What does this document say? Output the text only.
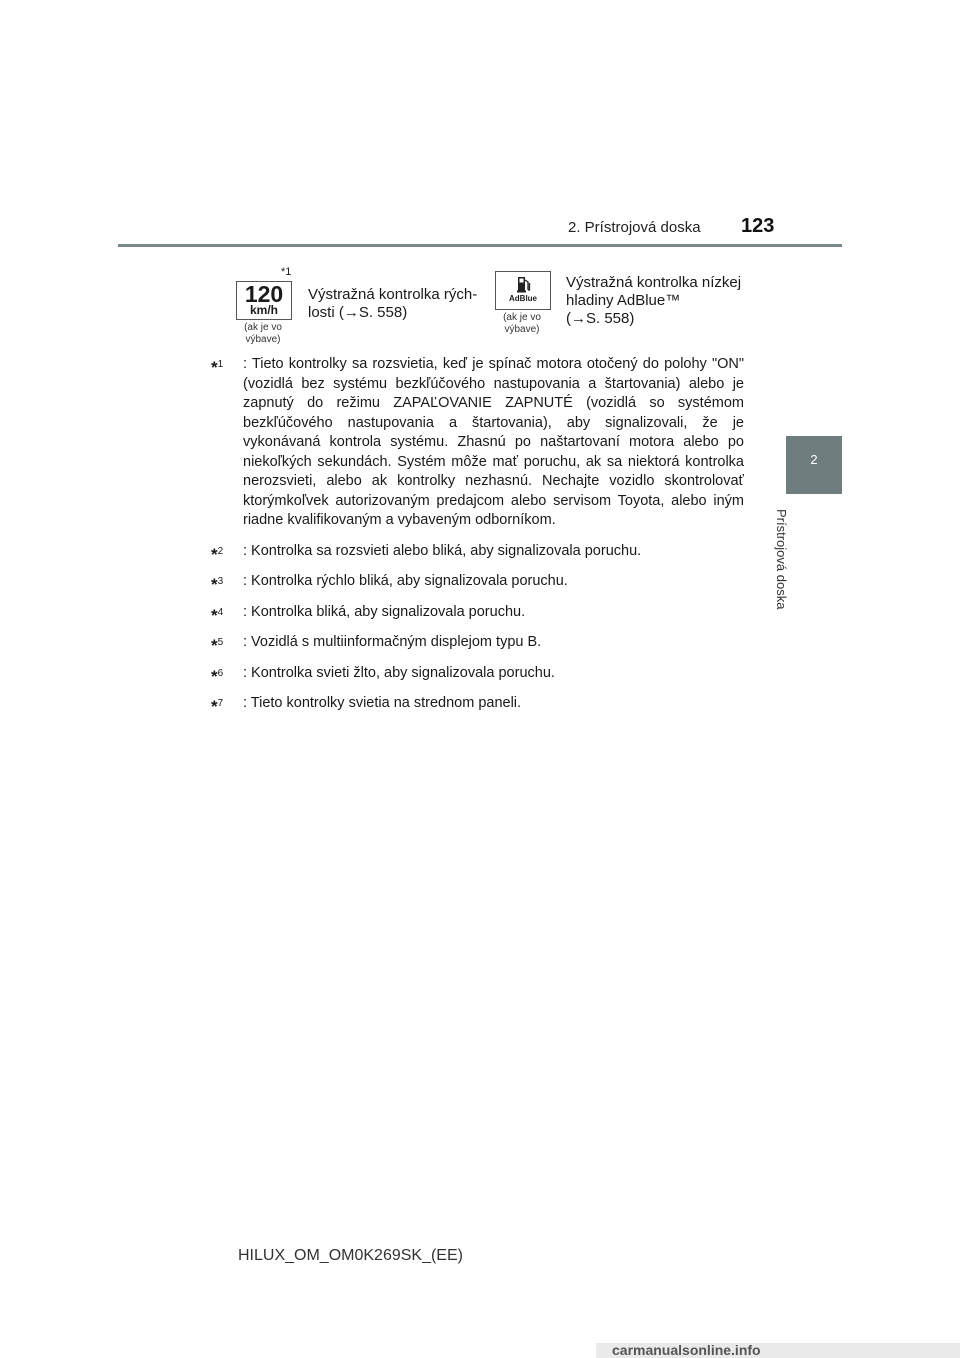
2. Prístrojová doska 123
2
Prístrojová doska
*1
120
km/h
(ak je vo
výbave)
Výstražná kontrolka rých-
losti (→S. 558)
AdBlue
(ak je vo
výbave)
Výstražná kontrolka nízkej
hladiny AdBlue™
(→S. 558)
*$^1$ : Tieto kontrolky sa rozsvietia, keď je spínač motora otočený do polohy "ON" (vozidlá bez systému bezkľúčového nastupovania a štartovania) alebo je zapnutý do režimu ZAPAĽOVANIE ZAPNUTÉ (vozidlá so systémom bezkľúčového nastupovania a štartovania), aby signalizovali, že je vykonávaná kontrola systému. Zhasnú po naštartovaní motora alebo po niekoľkých sekundách. Systém môže mať poruchu, ak sa niektorá kontrolka nerozsvieti, alebo ak kontrolky nezhasnú. Nechajte vozidlo skontrolovať ktorýmkoľvek autorizovaným predajcom alebo servisom Toyota, alebo iným riadne kvalifikovaným a vybaveným odborníkom.
*$^2$ : Kontrolka sa rozsvieti alebo bliká, aby signalizovala poruchu.
*$^3$ : Kontrolka rýchlo bliká, aby signalizovala poruchu.
*$^4$ : Kontrolka bliká, aby signalizovala poruchu.
*$^5$ : Vozidlá s multiinformačným displejom typu B.
*$^6$ : Kontrolka svieti žlto, aby signalizovala poruchu.
*$^7$ : Tieto kontrolky svietia na strednom paneli.
HILUX_OM_OM0K269SK_(EE)
carmanualsonline.info
